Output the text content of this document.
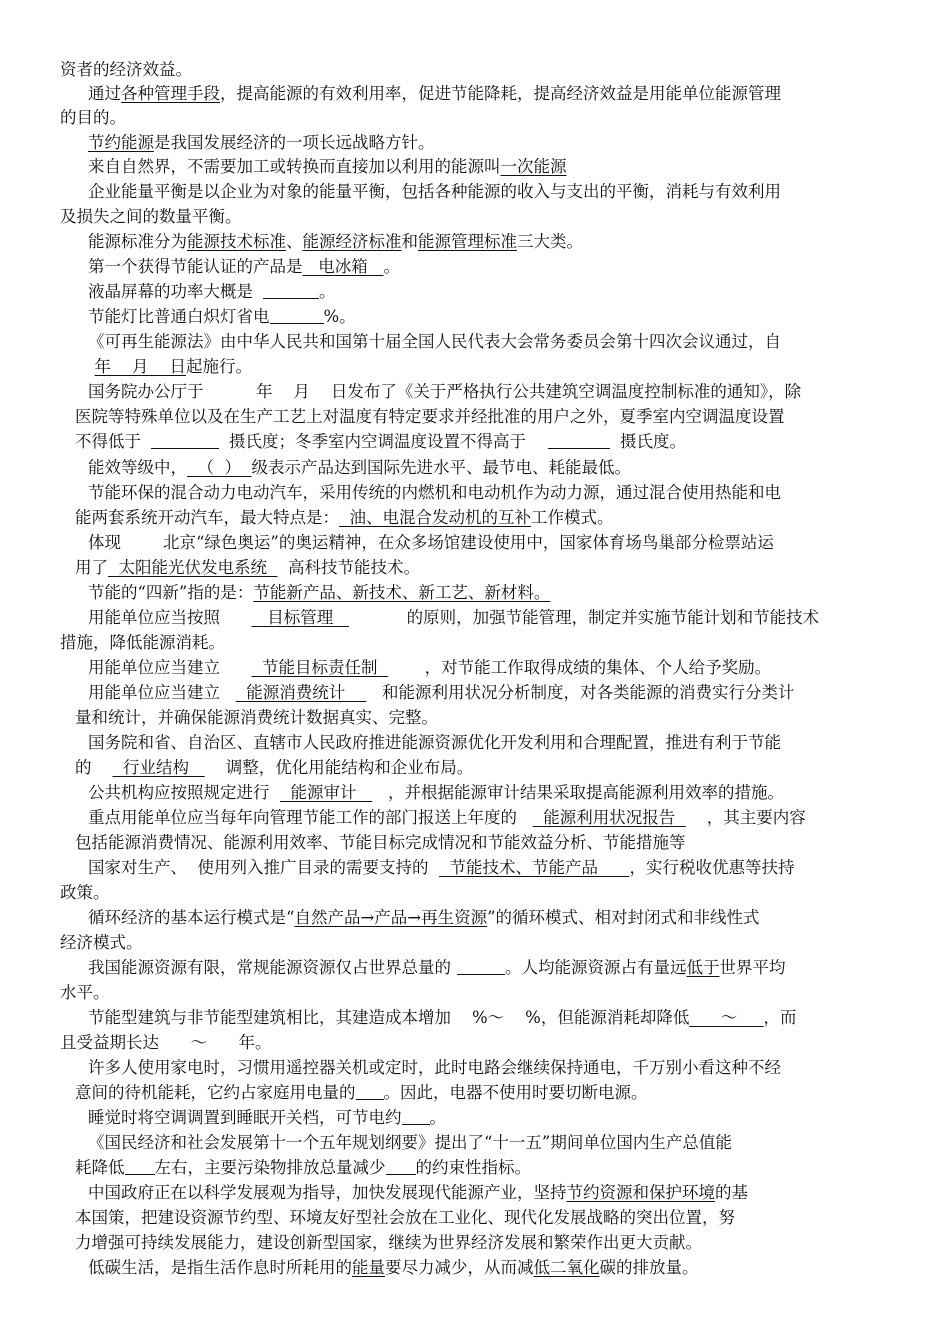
资者的经济效益。
通过各种管理手段，提高能源的有效利用率，促进节能降耗，提高经济效益是用能单位能源管理
的目的。
节约能源是我国发展经济的一项长远战略方针。
来自自然界，不需要加工或转换而直接加以利用的能源叫一次能源
企业能量平衡是以企业为对象的能量平衡，包括各种能源的收入与支出的平衡，消耗与有效利用
及损失之间的数量平衡。
能源标准分为能源技术标准、能源经济标准和能源管理标准三大类。
第一个获得节能认证的产品是   电冰箱   。
液晶屏幕的功率大概是	。
节能灯比普通白炽灯省电	%。
《可再生能源法》由中华人民共和国第十届全国人民代表大会常务委员会第十四次会议通过，自
年    月    日起施行。
国务院办公厅于          年    月    日发布了《关于严格执行公共建筑空调温度控制标准的通知》，除
医院等特殊单位以及在生产工艺上对温度有特定要求并经批准的用户之外，夏季室内空调温度设置
不得低于	摄氏度；冬季室内空调温度设置不得高于	摄氏度。
能效等级中，  （  ）  级表示产品达到国际先进水平、最节电、耗能最低。
节能环保的混合动力电动汽车，采用传统的内燃机和电动机作为动力源，通过混合使用热能和电
能两套系统开动汽车，最大特点是：  油、电混合发动机的互补工作模式。
体现        北京“绿色奥运”的奥运精神，在众多场馆建设使用中，国家体育场鸟巢部分检票站运
用了  太阳能光伏发电系统    高科技节能技术。
节能的“四新”指的是：节能新产品、新技术、新工艺、新材料。
用能单位应当按照         目标管理              的原则，加强节能管理，制定并实施节能计划和节能技术
措施，降低能源消耗。
用能单位应当建立        节能目标责任制         ，对节能工作取得成绩的集体、个人给予奖励。
用能单位应当建立     能源消费统计       和能源利用状况分析制度，对各类能源的消费实行分类计
量和统计，并确保能源消费统计数据真实、完整。
国务院和省、自治区、直辖市人民政府推进能源资源优化开发利用和合理配置，推进有利于节能
的      行业结构       调整，优化用能结构和企业布局。
公共机构应按照规定进行    能源审计      ，并根据能源审计结果采取提高能源利用效率的措施。
重点用能单位应当每年向管理节能工作的部门报送上年度的     能源利用状况报告      ，其主要内容
包括能源消费情况、能源利用效率、节能目标完成情况和节能效益分析、节能措施等
国家对生产、  使用列入推广目录的需要支持的    节能技术、节能产品      ，实行税收优惠等扶持
政策。
循环经济的基本运行模式是“自然产品→产品→再生资源”的循环模式、相对封闭式和非线性式
经济模式。
我国能源资源有限，常规能源资源仅占世界总量的	。人均能源资源占有量远低于世界平均
水平。
节能型建筑与非节能型建筑相比，其建造成本增加    %～    %，但能源消耗却降低      ～     ，而
且受益期长达      ～      年。
许多人使用家电时，习惯用遥控器关机或定时，此时电路会继续保持通电，千万别小看这种不经
意间的待机能耗，它约占家庭用电量的 。因此，电器不使用时要切断电源。
睡觉时将空调调置到睡眠开关档，可节电约 。
《国民经济和社会发展第十一个五年规划纲要》提出了“十一五”期间单位国内生产总值能
耗降低 左右，主要污染物排放总量减少 的约束性指标。
中国政府正在以科学发展观为指导，加快发展现代能源产业，坚持节约资源和保护环境的基
本国策，把建设资源节约型、环境友好型社会放在工业化、现代化发展战略的突出位置，努
力增强可持续发展能力，建设创新型国家，继续为世界经济发展和繁荣作出更大贡献。
低碳生活，是指生活作息时所耗用的能量要尽力减少，从而减低二氧化碳的排放量。
